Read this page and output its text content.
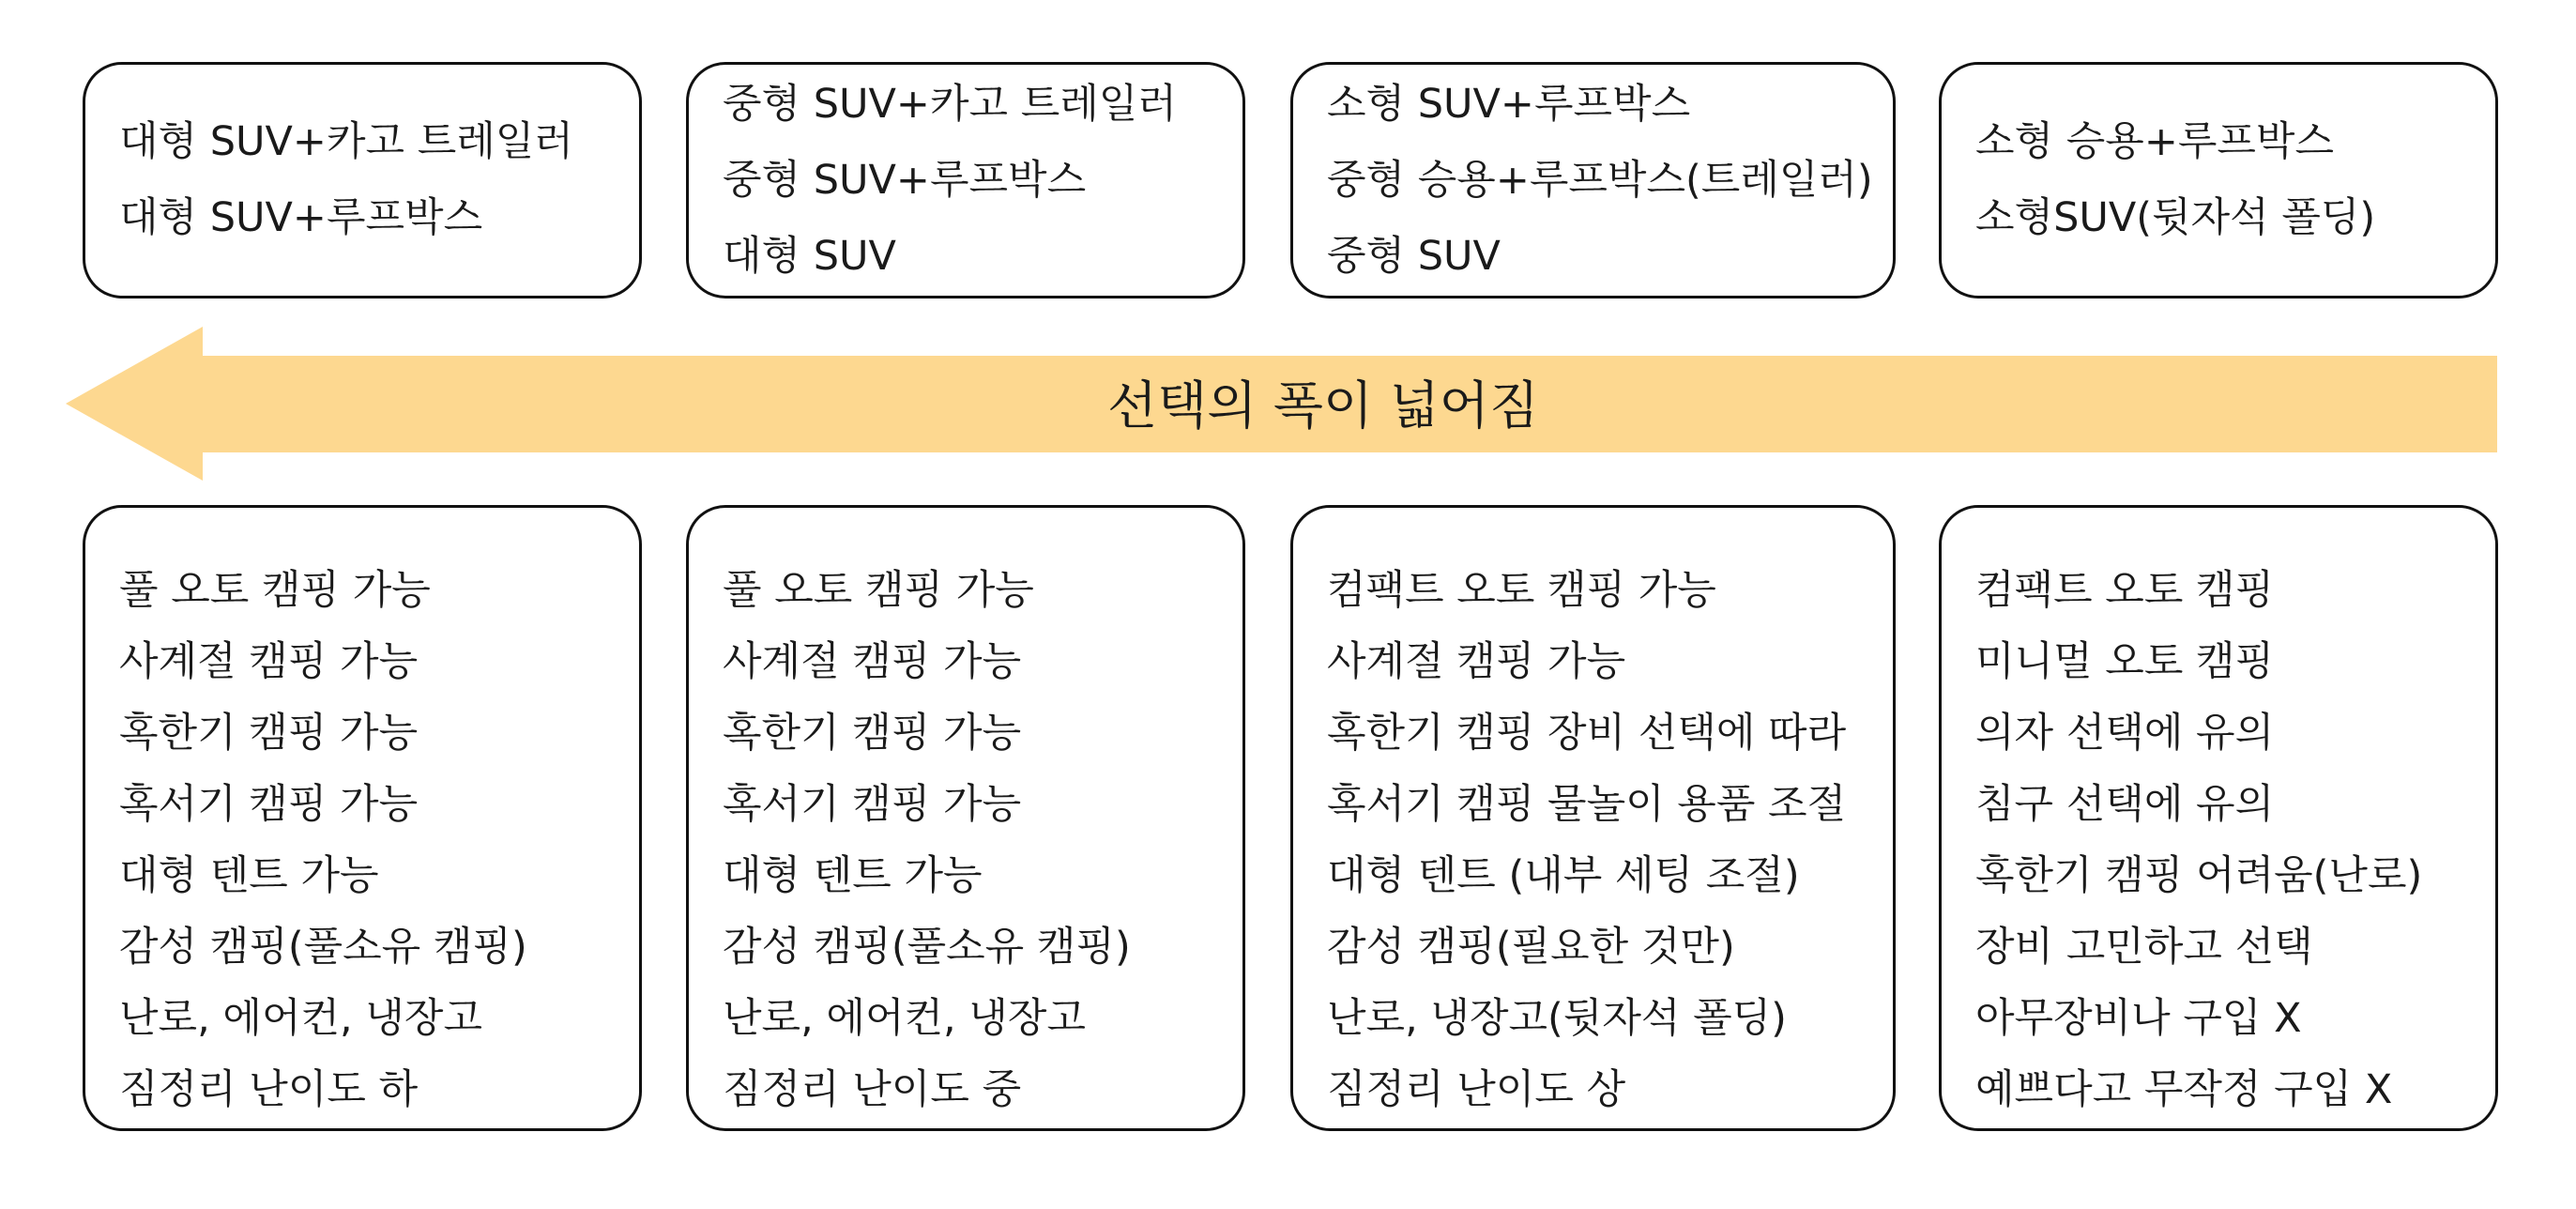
대형 SUV+카고 트레일러
대형 SUV+루프박스
중형 SUV+카고 트레일러
중형 SUV+루프박스
대형 SUV
소형 SUV+루프박스
중형 승용+루프박스(트레일러)
중형 SUV
소형 승용+루프박스
소형SUV(뒷자석 폴딩)
선택의 폭이 넓어짐
풀 오토 캠핑 가능
사계절 캠핑 가능
혹한기 캠핑 가능
혹서기 캠핑 가능
대형 텐트 가능
감성 캠핑(풀소유 캠핑)
난로, 에어컨, 냉장고
짐정리 난이도 하
풀 오토 캠핑 가능
사계절 캠핑 가능
혹한기 캠핑 가능
혹서기 캠핑 가능
대형 텐트 가능
감성 캠핑(풀소유 캠핑)
난로, 에어컨, 냉장고
짐정리 난이도 중
컴팩트 오토 캠핑 가능
사계절 캠핑 가능
혹한기 캠핑 장비 선택에 따라
혹서기 캠핑 물놀이 용품 조절
대형 텐트 (내부 세팅 조절)
감성 캠핑(필요한 것만)
난로, 냉장고(뒷자석 폴딩)
짐정리 난이도 상
컴팩트 오토 캠핑
미니멀 오토 캠핑
의자 선택에 유의
침구 선택에 유의
혹한기 캠핑 어려움(난로)
장비 고민하고 선택
아무장비나 구입 X
예쁘다고 무작정 구입 X
